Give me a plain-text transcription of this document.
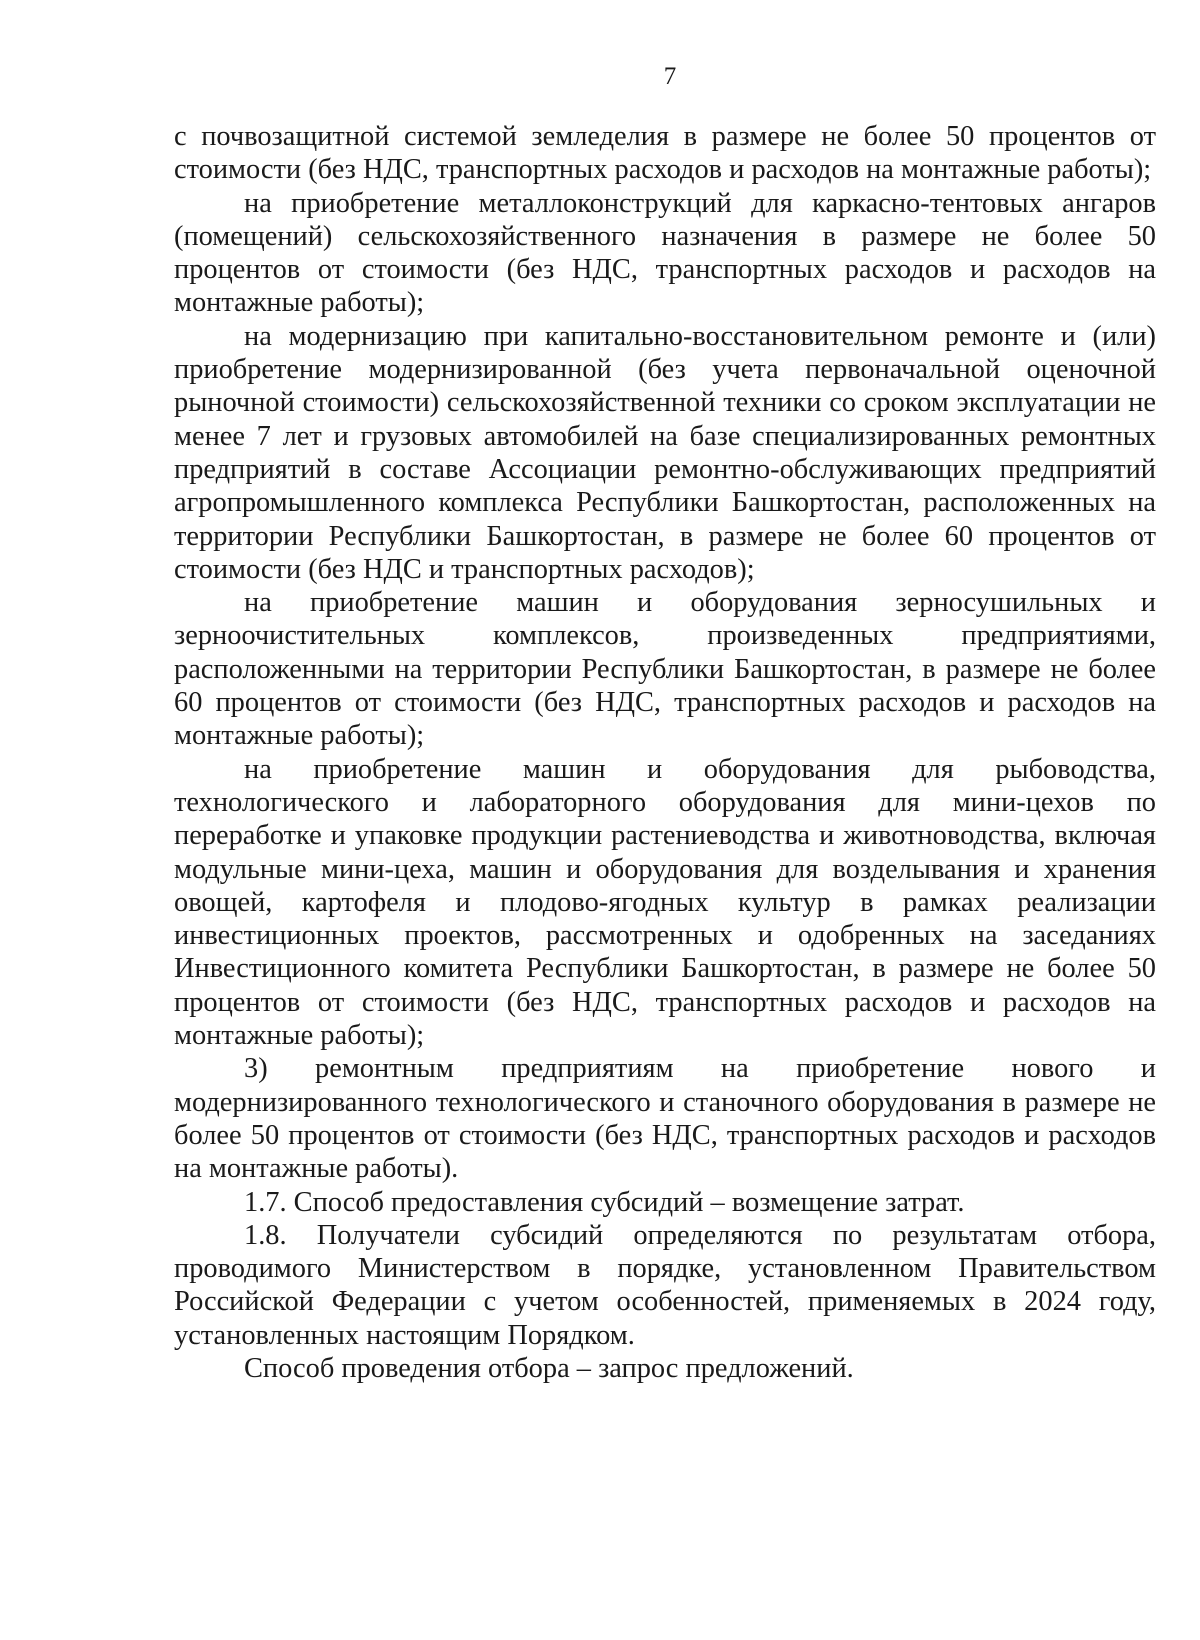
7

с почвозащитной системой земледелия в размере не более 50 процентов от стоимости (без НДС, транспортных расходов и расходов на монтажные работы);

на приобретение металлоконструкций для каркасно-тентовых ангаров (помещений) сельскохозяйственного назначения в размере не более 50 процентов от стоимости (без НДС, транспортных расходов и расходов на монтажные работы);

на модернизацию при капитально-восстановительном ремонте и (или) приобретение модернизированной (без учета первоначальной оценочной рыночной стоимости) сельскохозяйственной техники со сроком эксплуатации не менее 7 лет и грузовых автомобилей на базе специализированных ремонтных предприятий в составе Ассоциации ремонтно-обслуживающих предприятий агропромышленного комплекса Республики Башкортостан, расположенных на территории Республики Башкортостан, в размере не более 60 процентов от стоимости (без НДС и транспортных расходов);

на приобретение машин и оборудования зерносушильных и зерноочистительных комплексов, произведенных предприятиями, расположенными на территории Республики Башкортостан, в размере не более 60 процентов от стоимости (без НДС, транспортных расходов и расходов на монтажные работы);

на приобретение машин и оборудования для рыбоводства, технологического и лабораторного оборудования для мини-цехов по переработке и упаковке продукции растениеводства и животноводства, включая модульные мини-цеха, машин и оборудования для возделывания и хранения овощей, картофеля и плодово-ягодных культур в рамках реализации инвестиционных проектов, рассмотренных и одобренных на заседаниях Инвестиционного комитета Республики Башкортостан, в размере не более 50 процентов от стоимости (без НДС, транспортных расходов и расходов на монтажные работы);

3) ремонтным предприятиям на приобретение нового и модернизированного технологического и станочного оборудования в размере не более 50 процентов от стоимости (без НДС, транспортных расходов и расходов на монтажные работы).

1.7. Способ предоставления субсидий – возмещение затрат.

1.8. Получатели субсидий определяются по результатам отбора, проводимого Министерством в порядке, установленном Правительством Российской Федерации с учетом особенностей, применяемых в 2024 году, установленных настоящим Порядком.

Способ проведения отбора – запрос предложений.
